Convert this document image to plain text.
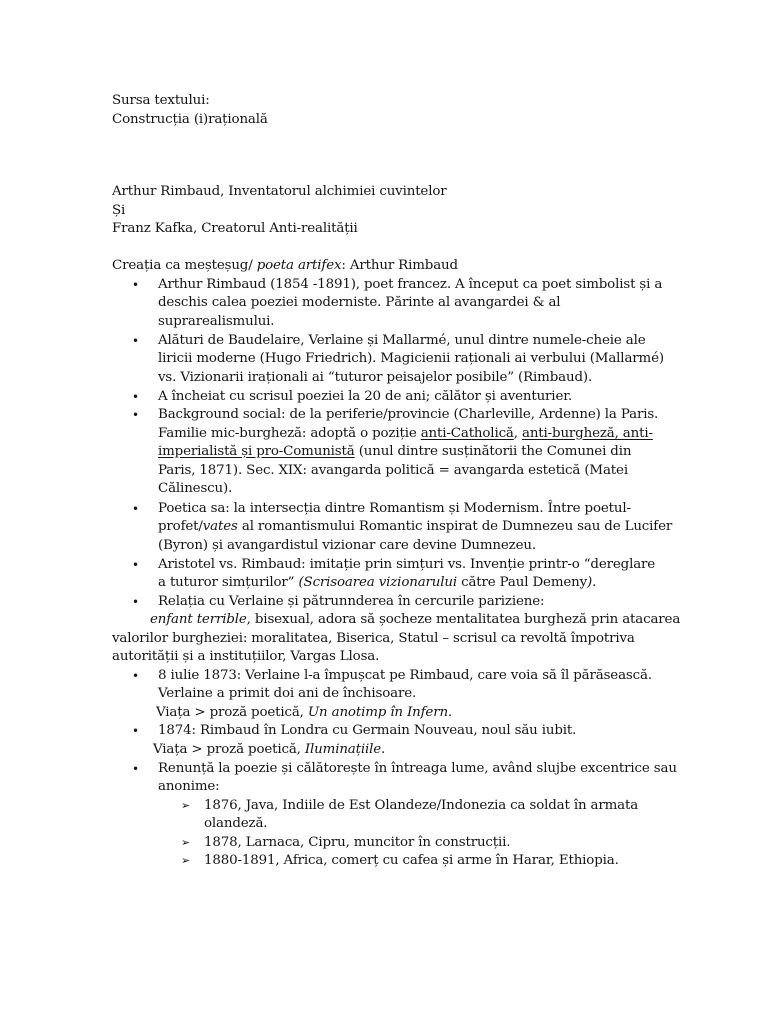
Sursa textului:
Construcția (i)rațională
Arthur Rimbaud, Inventatorul alchimiei cuvintelor
Și
Franz Kafka, Creatorul Anti-realității
Creația ca meșteșug/ poeta artifex: Arthur Rimbaud
• Arthur Rimbaud (1854 -1891), poet francez. A început ca poet simbolist și a
deschis calea poeziei moderniste. Părinte al avangardei & al
suprarealismului.
• Alături de Baudelaire, Verlaine și Mallarmé, unul dintre numele-cheie ale
liricii moderne (Hugo Friedrich). Magicienii raționali ai verbului (Mallarmé)
vs. Vizionarii iraționali ai “tuturor peisajelor posibile” (Rimbaud).
• A încheiat cu scrisul poeziei la 20 de ani; călător și aventurier.
• Background social: de la periferie/provincie (Charleville, Ardenne) la Paris.
Familie mic-burgheză: adoptă o poziție anti-Catholică, anti-burgheză, anti-
imperialistă și pro-Comunistă (unul dintre susținătorii the Comunei din
Paris, 1871). Sec. XIX: avangarda politică = avangarda estetică (Matei
Călinescu).
• Poetica sa: la intersecția dintre Romantism și Modernism. Între poetul-
profet/vates al romantismului Romantic inspirat de Dumnezeu sau de Lucifer
(Byron) și avangardistul vizionar care devine Dumnezeu.
• Aristotel vs. Rimbaud: imitație prin simțuri vs. Invenție printr-o “dereglare
a tuturor simțurilor” (Scrisoarea vizionarului către Paul Demeny).
• Relația cu Verlaine și pătrunnderea în cercurile pariziene:
enfant terrible, bisexual, adora să șocheze mentalitatea burgheză prin atacarea
valorilor burgheziei: moralitatea, Biserica, Statul – scrisul ca revoltă împotriva
autorității și a instituțiilor, Vargas Llosa.
• 8 iulie 1873: Verlaine l-a împușcat pe Rimbaud, care voia să îl părăsească.
Verlaine a primit doi ani de închisoare.
Viața > proză poetică, Un anotimp în Infern.
• 1874: Rimbaud în Londra cu Germain Nouveau, noul său iubit.
Viața > proză poetică, Iluminațiile.
• Renunță la poezie și călătorește în întreaga lume, având slujbe excentrice sau
anonime:
➢ 1876, Java, Indiile de Est Olandeze/Indonezia ca soldat în armata
olandeză.
➢ 1878, Larnaca, Cipru, muncitor în construcții.
➢ 1880-1891, Africa, comerț cu cafea și arme în Harar, Ethiopia.
